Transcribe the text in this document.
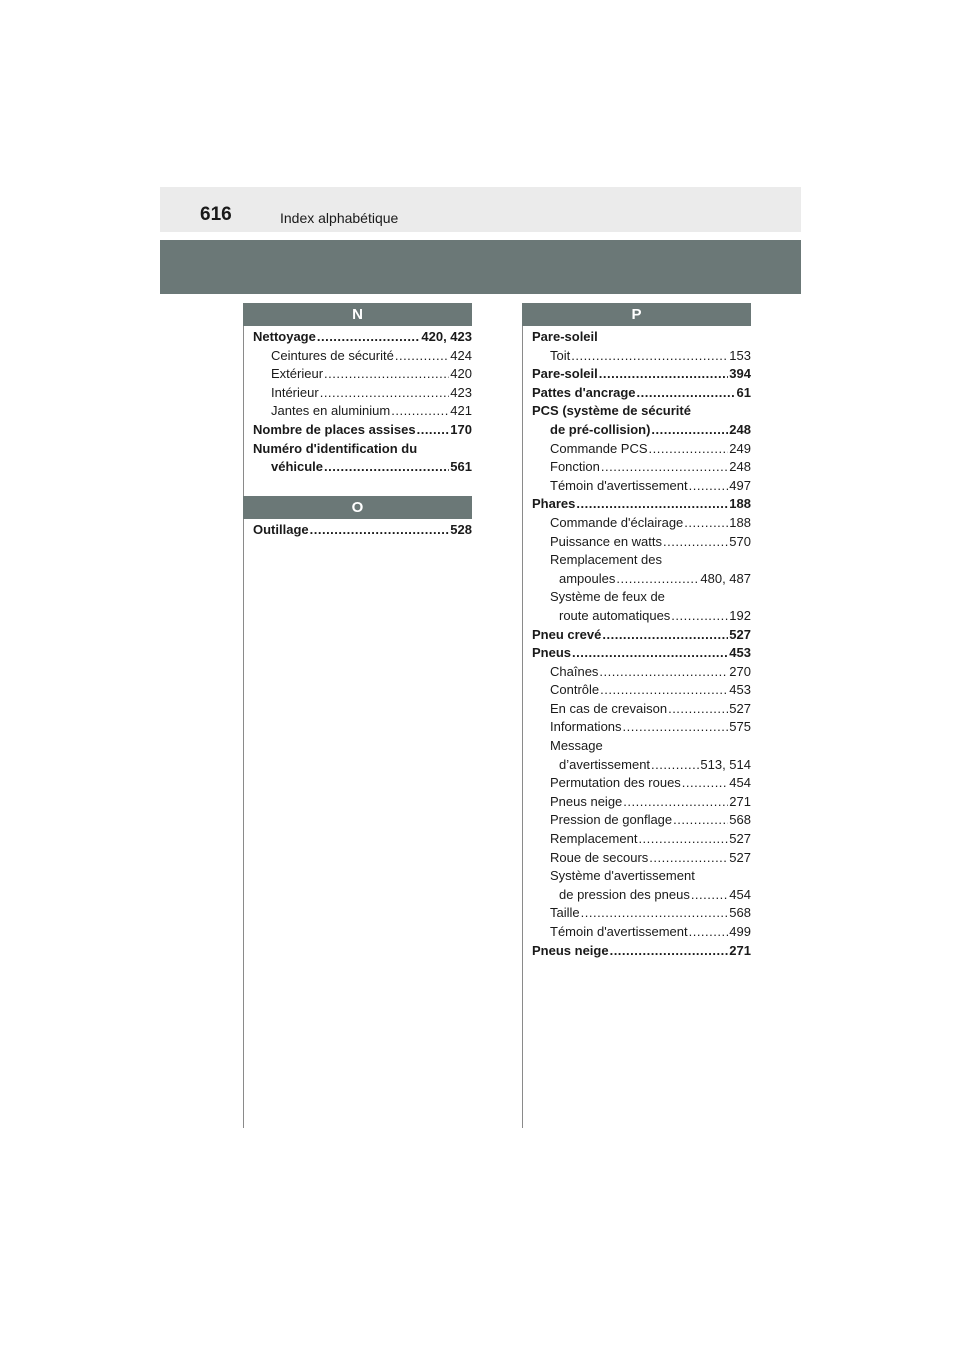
616	Index alphabétique
N
Nettoyage .....	420, 423
Ceintures de sécurité .....	424
Extérieur .....	420
Intérieur .....	423
Jantes en aluminium .....	421
Nombre de places assises .....	170
Numéro d'identification du
véhicule .....	561
O
Outillage .....	528
P
Pare-soleil
Toit .....	153
Pare-soleil .....	394
Pattes d'ancrage .....	61
PCS (système de sécurité
de pré-collision) .....	248
Commande PCS .....	249
Fonction .....	248
Témoin d'avertissement .....	497
Phares .....	188
Commande d'éclairage .....	188
Puissance en watts .....	570
Remplacement des
ampoules .....	480, 487
Système de feux de
route automatiques .....	192
Pneu crevé .....	527
Pneus .....	453
Chaînes .....	270
Contrôle .....	453
En cas de crevaison .....	527
Informations .....	575
Message
d’avertissement .....	513, 514
Permutation des roues .....	454
Pneus neige .....	271
Pression de gonflage .....	568
Remplacement .....	527
Roue de secours .....	527
Système d'avertissement
de pression des pneus .....	454
Taille .....	568
Témoin d'avertissement .....	499
Pneus neige .....	271
